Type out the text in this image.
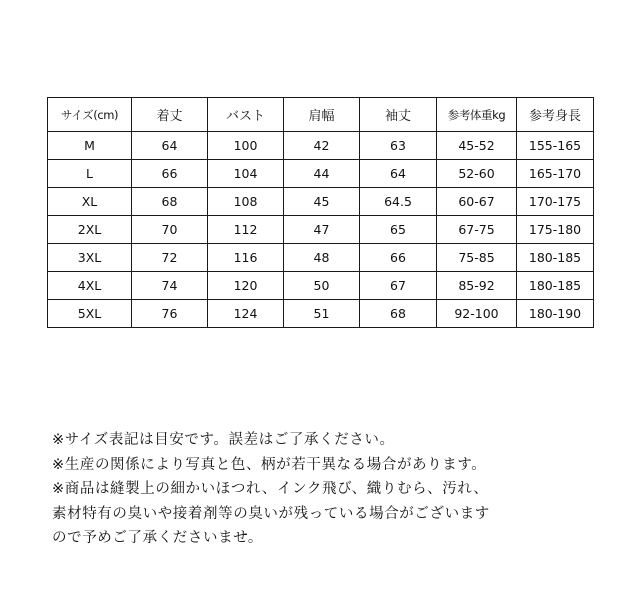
サイズ(cm)	着丈	バスト	肩幅	袖丈	参考体重kg	参考身長
M	64	100	42	63	45-52	155-165
L	66	104	44	64	52-60	165-170
XL	68	108	45	64.5	60-67	170-175
2XL	70	112	47	65	67-75	175-180
3XL	72	116	48	66	75-85	180-185
4XL	74	120	50	67	85-92	180-185
5XL	76	124	51	68	92-100	180-190
※サイズ表記は目安です。誤差はご了承ください。
※生産の関係により写真と色、柄が若干異なる場合があります。
※商品は縫製上の細かいほつれ、インク飛び、織りむら、汚れ、
素材特有の臭いや接着剤等の臭いが残っている場合がございます
ので予めご了承くださいませ。
